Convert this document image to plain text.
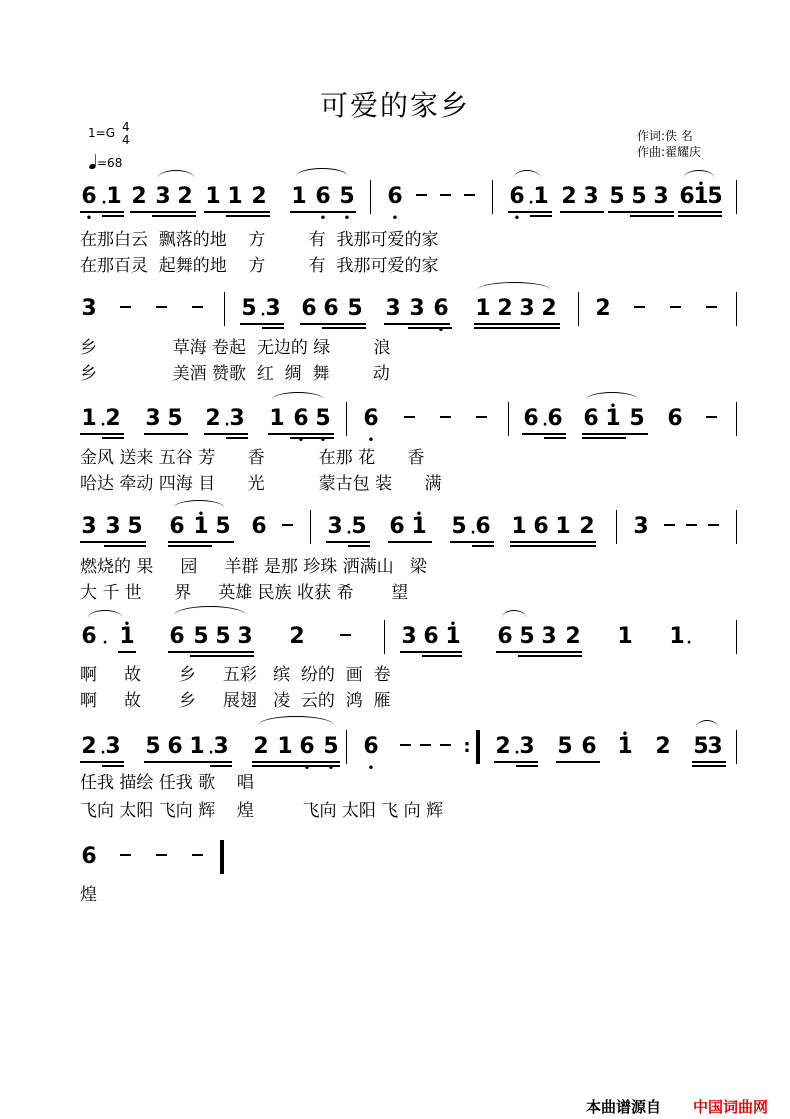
可爱的家乡
1=G 4
4
=68
作词:佚 名
作曲:翟耀庆
6 • · 1 2 3 2 1 1 2 1 6 • 5 • 6 •	6 • · 1 2 3 5 5 3 6
• 1
5
在那白云  飘落的地    方        有  我那可爱的家
在那百灵  起舞的地    方        有  我那可爱的家
3	5 · 3 6 6 5 3 3 6 • 1 2 3 2 2
乡              草海 卷起  无边的 绿        浪
乡              美酒 赞歌  红  绸  舞        动
1 · 2 3 5 2 · 3 1 6 • 5 • 6 •	6 · 6 6 • 1 5 6
金风 送来 五谷 芳      香          在那 花      香
哈达 牵动 四海 目      光          蒙古包 装      满
3 3 5 6 • 1 5 6	3 · 5 6 • 1 5 · 6 1 6 1 2 3
燃烧的 果     园     羊群 是那 珍珠 洒满山   梁
大 千 世      界     英雄 民族 收获 希       望
6 · • 1 6 5 5 3 2	3 6 • 1 6 5 3 2 1 1 ·
啊     故       乡     五彩   缤  纷的  画  卷
啊     故       乡     展翅   凌  云的  鸿  雁
2 · 3 5 6 1 · 3 2 1 6 • 5 • 6 •	: 2 · 3 5 6 • 1 2 5
3
任我 描绘 任我 歌    唱
飞向 太阳 飞向 辉    煌         飞向 太阳 飞 向 辉
6
煌
本曲谱源自 中国词曲网
